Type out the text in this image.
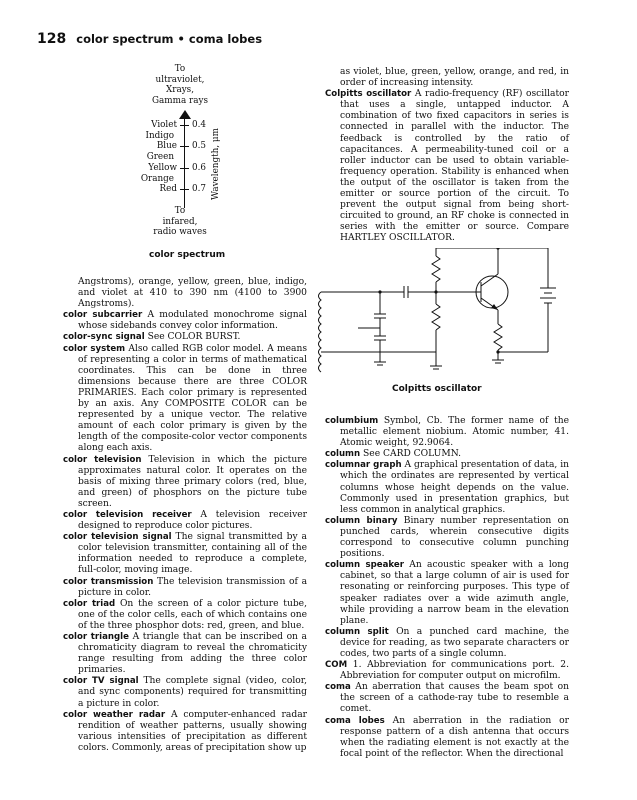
128 color spectrum • coma lobes
To
ultraviolet,
Xrays,
Gamma rays
Violet
Indigo
Blue
Green
Yellow
Orange
Red
0.4
0.5
0.6
0.7 Wavelength, μm
To
infared,
radio waves
color spectrum

Angstroms), orange, yellow, green, blue, indigo, and violet at 410 to 390 nm (4100 to 3900 Angstroms).

color subcarrier A modulated monochrome signal whose sidebands convey color information.

color-sync signal See COLOR BURST.

color system Also called RGB color model. A means of representing a color in terms of mathematical coordinates. This can be done in three dimensions because there are three COLOR PRIMARIES. Each color primary is represented by an axis. Any COMPOSITE COLOR can be represented by a unique vector. The relative amount of each color primary is given by the length of the composite-color vector components along each axis.

color television Television in which the picture approximates natural color. It operates on the basis of mixing three primary colors (red, blue, and green) of phosphors on the picture tube screen.

color television receiver A television receiver designed to reproduce color pictures.

color television signal The signal transmitted by a color television transmitter, containing all of the information needed to reproduce a complete, full-color, moving image.

color transmission The television transmission of a picture in color.

color triad On the screen of a color picture tube, one of the color cells, each of which contains one of the three phosphor dots: red, green, and blue.

color triangle A triangle that can be inscribed on a chromaticity diagram to reveal the chromaticity range resulting from adding the three color primaries.

color TV signal The complete signal (video, color, and sync components) required for transmitting a picture in color.

color weather radar A computer-enhanced radar rendition of weather patterns, usually showing various intensities of precipitation as different colors. Commonly, areas of precipitation show up

as violet, blue, green, yellow, orange, and red, in order of increasing intensity.

Colpitts oscillator A radio-frequency (RF) oscillator that uses a single, untapped inductor. A combination of two fixed capacitors in series is connected in parallel with the inductor. The feedback is controlled by the ratio of capacitances. A permeability-tuned coil or a roller inductor can be used to obtain variable-frequency operation. Stability is enhanced when the output of the oscillator is taken from the emitter or source portion of the circuit. To prevent the output signal from being short-circuited to ground, an RF choke is connected in series with the emitter or source. Compare HARTLEY OSCILLATOR.

Colpitts oscillator

columbium Symbol, Cb. The former name of the metallic element niobium. Atomic number, 41. Atomic weight, 92.9064.

column See CARD COLUMN.

columnar graph A graphical presentation of data, in which the ordinates are represented by vertical columns whose height depends on the value. Commonly used in presentation graphics, but less common in analytical graphics.

column binary Binary number representation on punched cards, wherein consecutive digits correspond to consecutive column punching positions.

column speaker An acoustic speaker with a long cabinet, so that a large column of air is used for resonating or reinforcing purposes. This type of speaker radiates over a wide azimuth angle, while providing a narrow beam in the elevation plane.

column split On a punched card machine, the device for reading, as two separate characters or codes, two parts of a single column.

COM 1. Abbreviation for communications port. 2. Abbreviation for computer output on microfilm.

coma An aberration that causes the beam spot on the screen of a cathode-ray tube to resemble a comet.

coma lobes An aberration in the radiation or response pattern of a dish antenna that occurs when the radiating element is not exactly at the focal point of the reflector. When the directional
